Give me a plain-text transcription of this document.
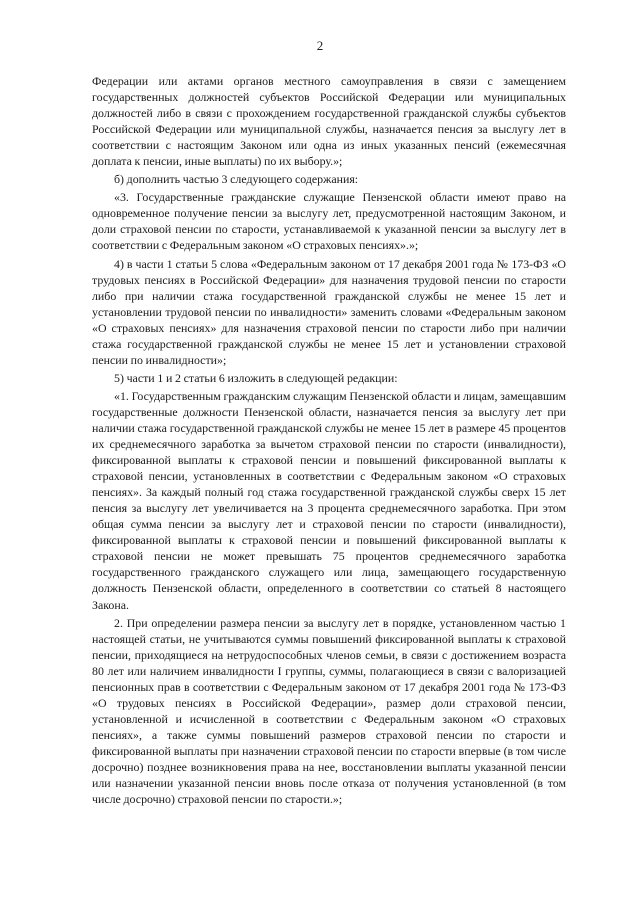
2

Федерации или актами органов местного самоуправления в связи с замещением государственных должностей субъектов Российской Федерации или муниципальных должностей либо в связи с прохождением государственной гражданской службы субъектов Российской Федерации или муниципальной службы, назначается пенсия за выслугу лет в соответствии с настоящим Законом или одна из иных указанных пенсий (ежемесячная доплата к пенсии, иные выплаты) по их выбору.»;

б) дополнить частью 3 следующего содержания:

«3. Государственные гражданские служащие Пензенской области имеют право на одновременное получение пенсии за выслугу лет, предусмотренной настоящим Законом, и доли страховой пенсии по старости, устанавливаемой к указанной пенсии за выслугу лет в соответствии с Федеральным законом «О страховых пенсиях».»;

4) в части 1 статьи 5 слова «Федеральным законом от 17 декабря 2001 года № 173-ФЗ «О трудовых пенсиях в Российской Федерации» для назначения трудовой пенсии по старости либо при наличии стажа государственной гражданской службы не менее 15 лет и установлении трудовой пенсии по инвалидности» заменить словами «Федеральным законом «О страховых пенсиях» для назначения страховой пенсии по старости либо при наличии стажа государственной гражданской службы не менее 15 лет и установлении страховой пенсии по инвалидности»;

5) части 1 и 2 статьи 6 изложить в следующей редакции:

«1. Государственным гражданским служащим Пензенской области и лицам, замещавшим государственные должности Пензенской области, назначается пенсия за выслугу лет при наличии стажа государственной гражданской службы не менее 15 лет в размере 45 процентов их среднемесячного заработка за вычетом страховой пенсии по старости (инвалидности), фиксированной выплаты к страховой пенсии и повышений фиксированной выплаты к страховой пенсии, установленных в соответствии с Федеральным законом «О страховых пенсиях». За каждый полный год стажа государственной гражданской службы сверх 15 лет пенсия за выслугу лет увеличивается на 3 процента среднемесячного заработка. При этом общая сумма пенсии за выслугу лет и страховой пенсии по старости (инвалидности), фиксированной выплаты к страховой пенсии и повышений фиксированной выплаты к страховой пенсии не может превышать 75 процентов среднемесячного заработка государственного гражданского служащего или лица, замещающего государственную должность Пензенской области, определенного в соответствии со статьей 8 настоящего Закона.

2. При определении размера пенсии за выслугу лет в порядке, установленном частью 1 настоящей статьи, не учитываются суммы повышений фиксированной выплаты к страховой пенсии, приходящиеся на нетрудоспособных членов семьи, в связи с достижением возраста 80 лет или наличием инвалидности I группы, суммы, полагающиеся в связи с валоризацией пенсионных прав в соответствии с Федеральным законом от 17 декабря 2001 года № 173-ФЗ «О трудовых пенсиях в Российской Федерации», размер доли страховой пенсии, установленной и исчисленной в соответствии с Федеральным законом «О страховых пенсиях», а также суммы повышений размеров страховой пенсии по старости и фиксированной выплаты при назначении страховой пенсии по старости впервые (в том числе досрочно) позднее возникновения права на нее, восстановлении выплаты указанной пенсии или назначении указанной пенсии вновь после отказа от получения установленной (в том числе досрочно) страховой пенсии по старости.»;
